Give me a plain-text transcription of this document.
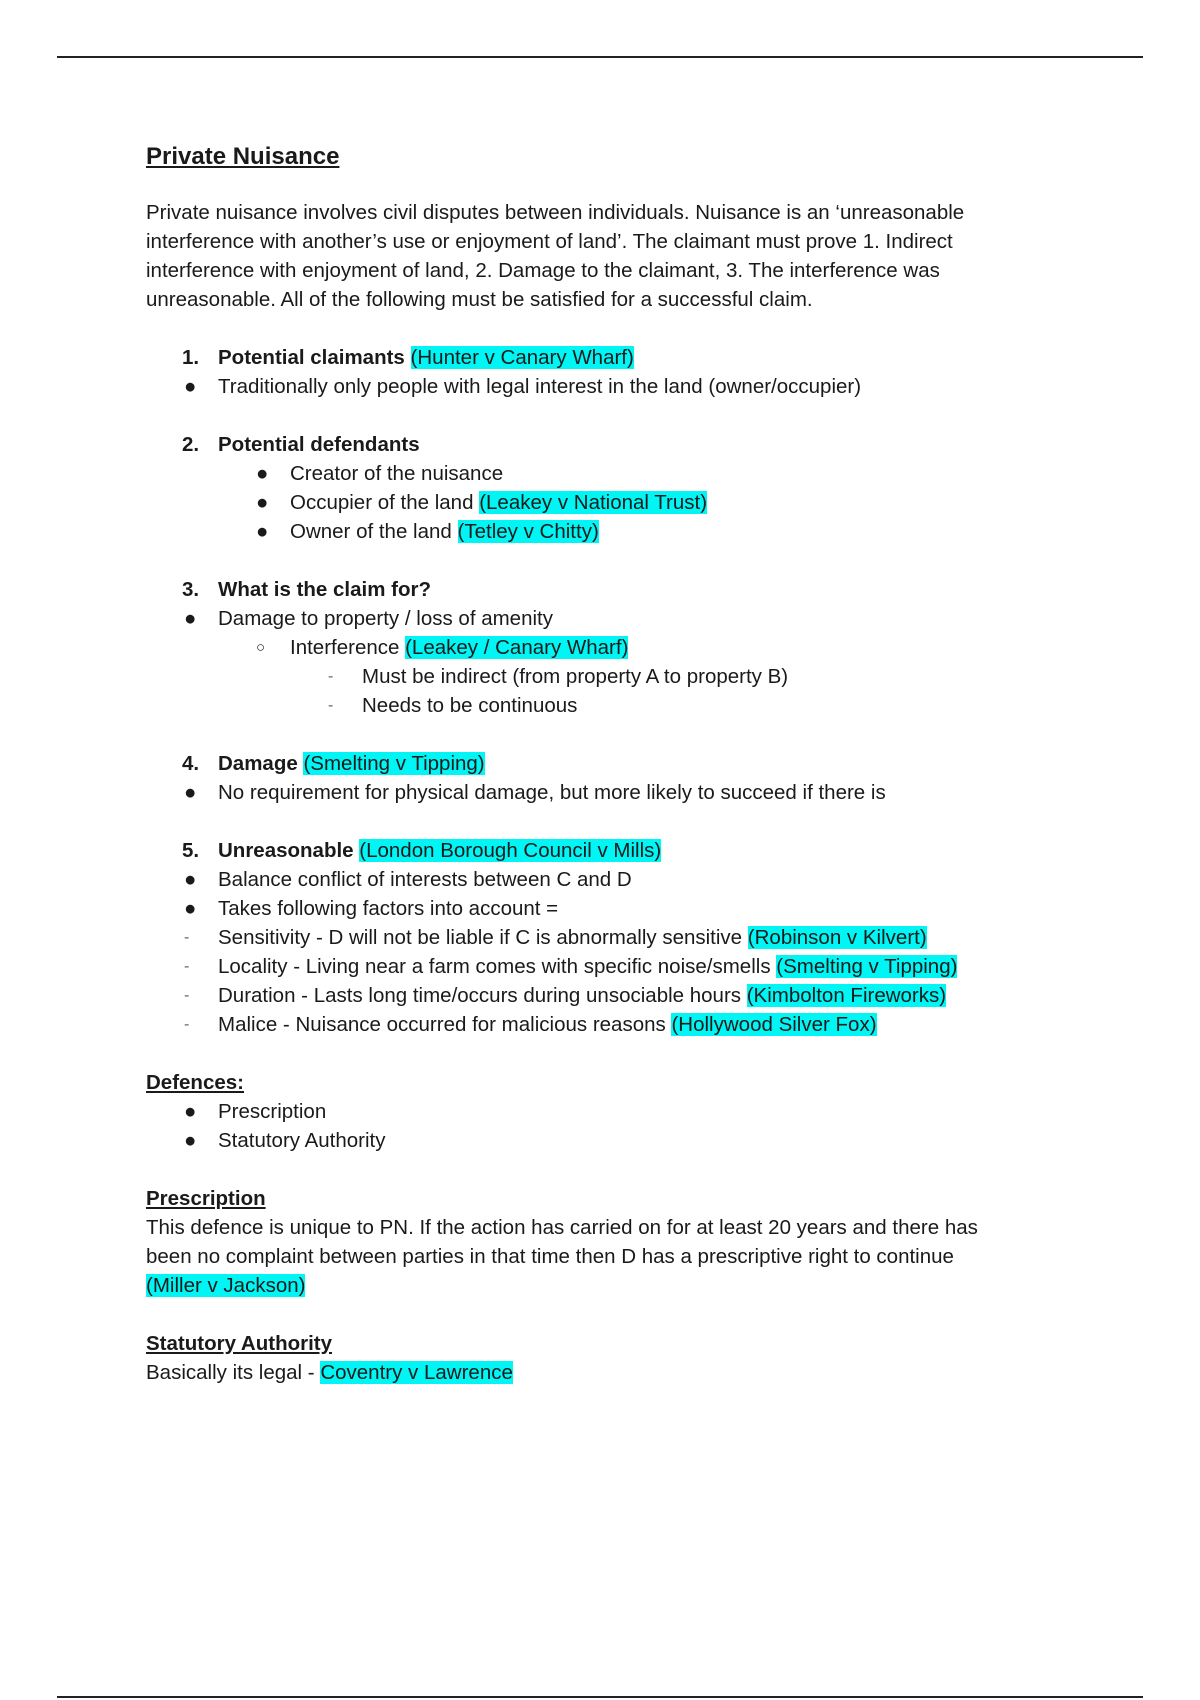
Private Nuisance
Private nuisance involves civil disputes between individuals. Nuisance is an ‘unreasonable
interference with another’s use or enjoyment of land’. The claimant must prove 1. Indirect
interference with enjoyment of land, 2. Damage to the claimant, 3. The interference was
unreasonable. All of the following must be satisfied for a successful claim.
1. Potential claimants (Hunter v Canary Wharf)
● Traditionally only people with legal interest in the land (owner/occupier)
2. Potential defendants
● Creator of the nuisance
● Occupier of the land (Leakey v National Trust)
● Owner of the land (Tetley v Chitty)
3. What is the claim for?
● Damage to property / loss of amenity
○ Interference (Leakey / Canary Wharf)
- Must be indirect (from property A to property B)
- Needs to be continuous
4. Damage (Smelting v Tipping)
● No requirement for physical damage, but more likely to succeed if there is
5. Unreasonable (London Borough Council v Mills)
● Balance conflict of interests between C and D
● Takes following factors into account =
- Sensitivity - D will not be liable if C is abnormally sensitive (Robinson v Kilvert)
- Locality - Living near a farm comes with specific noise/smells (Smelting v Tipping)
- Duration - Lasts long time/occurs during unsociable hours (Kimbolton Fireworks)
- Malice - Nuisance occurred for malicious reasons (Hollywood Silver Fox)
Defences:
● Prescription
● Statutory Authority
Prescription
This defence is unique to PN. If the action has carried on for at least 20 years and there has
been no complaint between parties in that time then D has a prescriptive right to continue
(Miller v Jackson)
Statutory Authority
Basically its legal - Coventry v Lawrence
